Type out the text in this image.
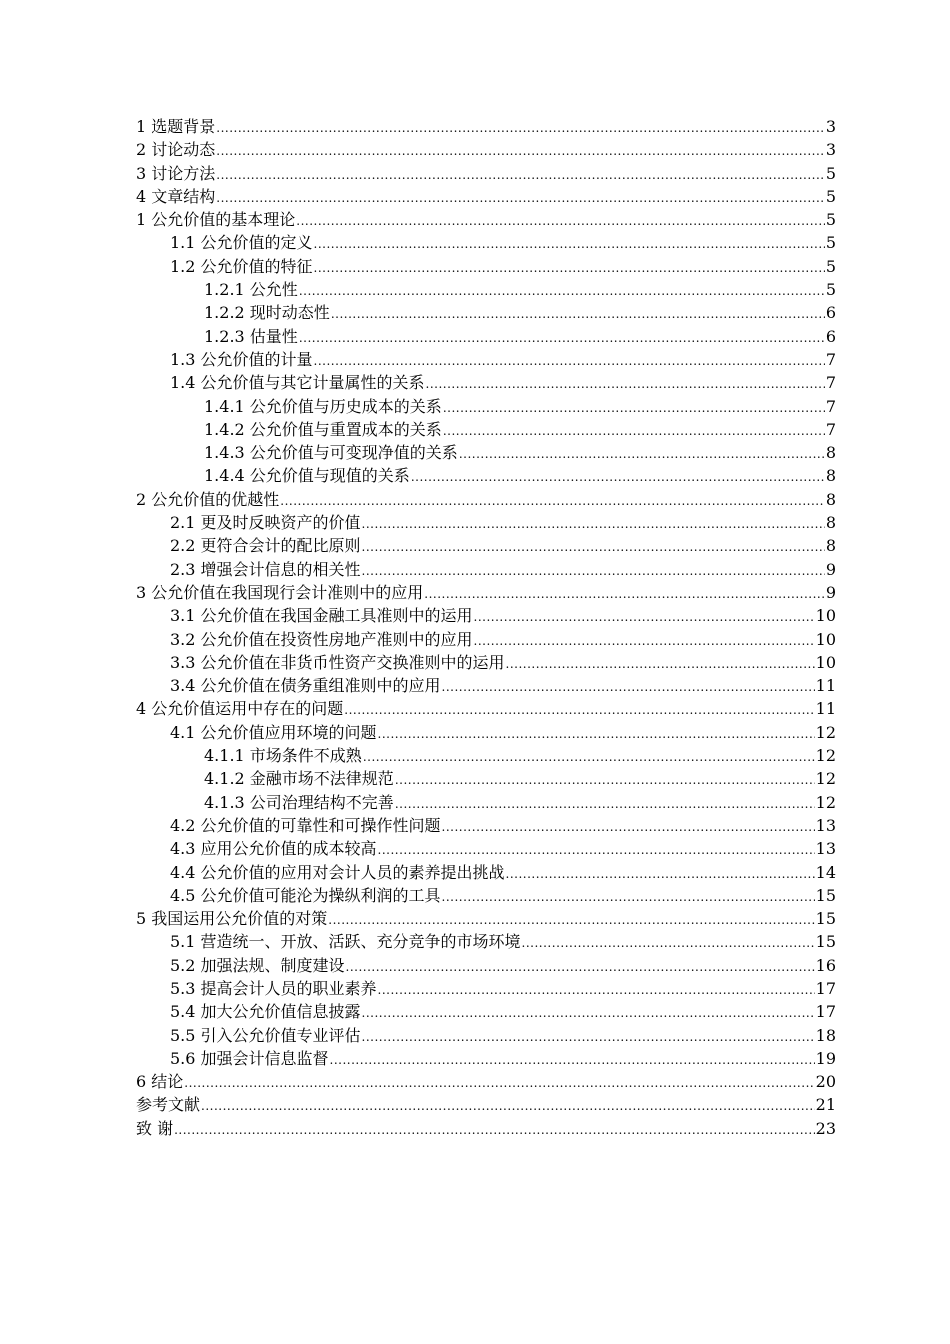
1 选题背景 .....	3
2 讨论动态 .....	3
3 讨论方法 .....	5
4 文章结构 .....	5
1 公允价值的基本理论 .....	5
1.1 公允价值的定义 .....	5
1.2 公允价值的特征 .....	5
1.2.1 公允性 .....	5
1.2.2 现时动态性 .....	6
1.2.3 估量性 .....	6
1.3 公允价值的计量 .....	7
1.4 公允价值与其它计量属性的关系 .....	7
1.4.1 公允价值与历史成本的关系 .....	7
1.4.2 公允价值与重置成本的关系 .....	7
1.4.3 公允价值与可变现净值的关系 .....	8
1.4.4 公允价值与现值的关系 .....	8
2 公允价值的优越性 .....	8
2.1 更及时反映资产的价值 .....	8
2.2 更符合会计的配比原则 .....	8
2.3 增强会计信息的相关性 .....	9
3 公允价值在我国现行会计准则中的应用 .....	9
3.1 公允价值在我国金融工具准则中的运用 .....	10
3.2 公允价值在投资性房地产准则中的应用 .....	10
3.3 公允价值在非货币性资产交换准则中的运用 .....	10
3.4 公允价值在债务重组准则中的应用 .....	11
4 公允价值运用中存在的问题 .....	11
4.1 公允价值应用环境的问题 .....	12
4.1.1 市场条件不成熟 .....	12
4.1.2 金融市场不法律规范 .....	12
4.1.3 公司治理结构不完善 .....	12
4.2 公允价值的可靠性和可操作性问题 .....	13
4.3 应用公允价值的成本较高 .....	13
4.4 公允价值的应用对会计人员的素养提出挑战 .....	14
4.5 公允价值可能沦为操纵利润的工具 .....	15
5 我国运用公允价值的对策 .....	15
5.1 营造统一、开放、活跃、充分竞争的市场环境 .....	15
5.2 加强法规、制度建设 .....	16
5.3 提高会计人员的职业素养 .....	17
5.4 加大公允价值信息披露 .....	17
5.5 引入公允价值专业评估 .....	18
5.6 加强会计信息监督 .....	19
6 结论 .....	20
参考文献 .....	21
致 谢 .....	23
